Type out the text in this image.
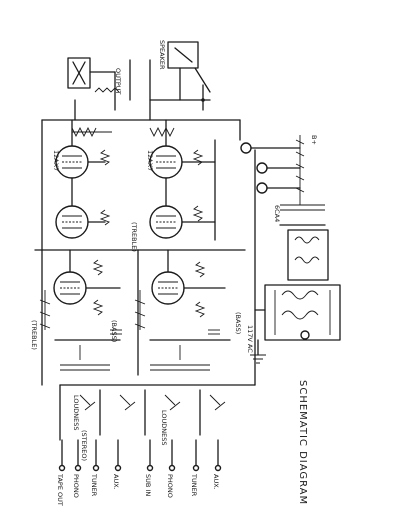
OUTPUT
SPEAKER
12AX7	12AX7
(TREBLE)	(BASS)
(TREBLE)
(BASS)
LOUDNESS	LOUDNESS
(STEREO)
TAPE OUT PHONO TUNER AUX.	SUB IN PHONO TUNER AUX.
6CA4
B+
117V AC
SCHEMATIC DIAGRAM
